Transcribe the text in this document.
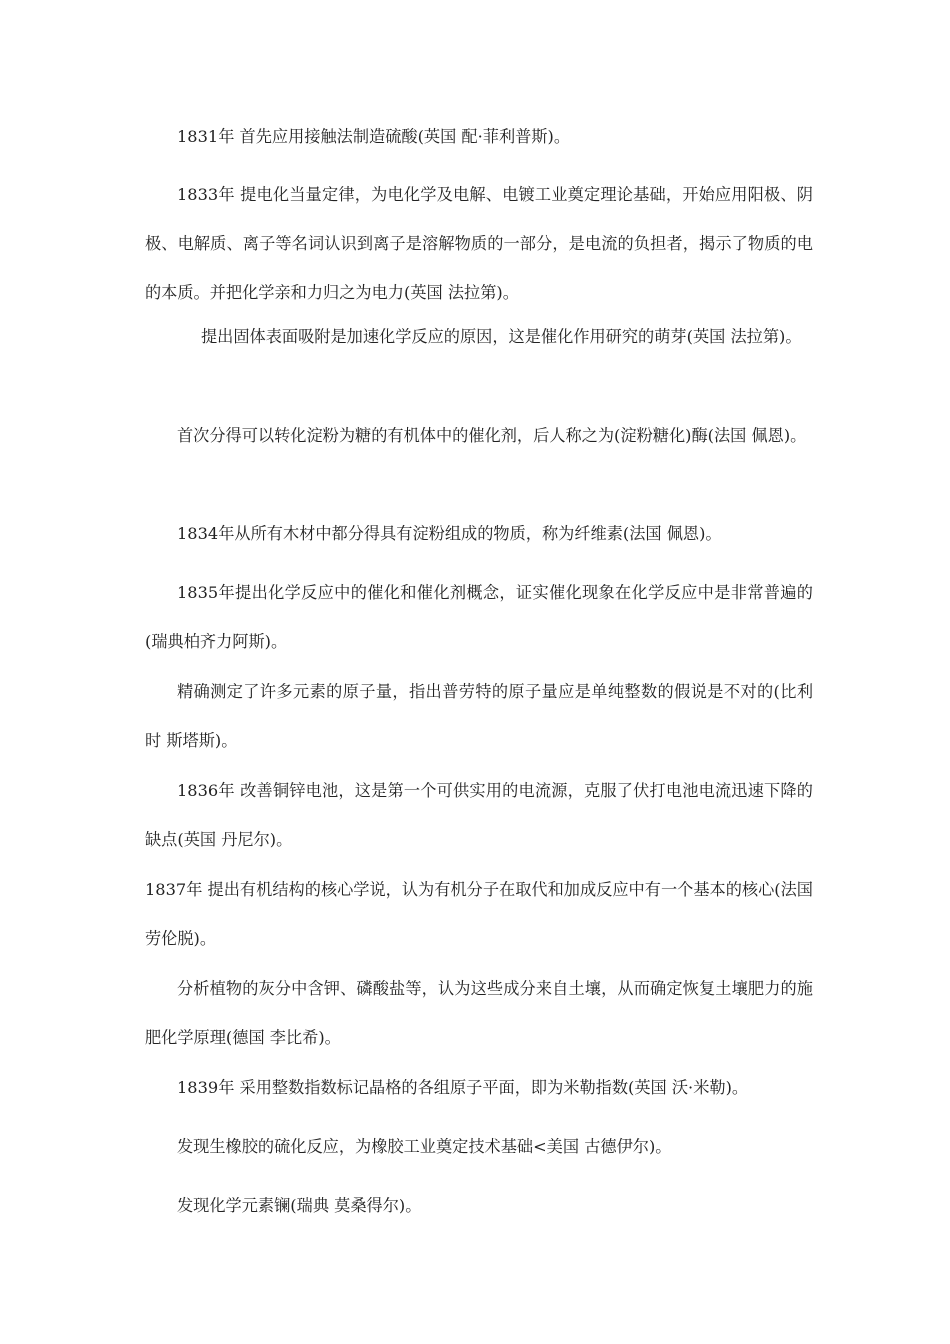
1831年 首先应用接触法制造硫酸(英国 配·菲利普斯)。

1833年 提电化当量定律，为电化学及电解、电镀工业奠定理论基础，开始应用阳极、阴极、电解质、离子等名词认识到离子是溶解物质的一部分，是电流的负担者，揭示了物质的电的本质。并把化学亲和力归之为电力(英国 法拉第)。

提出固体表面吸附是加速化学反应的原因，这是催化作用研究的萌芽(英国 法拉第)。

首次分得可以转化淀粉为糖的有机体中的催化剂，后人称之为(淀粉糖化)酶(法国 佩恩)。

1834年从所有木材中都分得具有淀粉组成的物质，称为纤维素(法国 佩恩)。

1835年提出化学反应中的催化和催化剂概念，证实催化现象在化学反应中是非常普遍的(瑞典柏齐力阿斯)。

精确测定了许多元素的原子量，指出普劳特的原子量应是单纯整数的假说是不对的(比利时 斯塔斯)。

1836年 改善铜锌电池，这是第一个可供实用的电流源，克服了伏打电池电流迅速下降的缺点(英国 丹尼尔)。

1837年 提出有机结构的核心学说，认为有机分子在取代和加成反应中有一个基本的核心(法国劳伦脱)。

分析植物的灰分中含钾、磷酸盐等，认为这些成分来自土壤，从而确定恢复土壤肥力的施肥化学原理(德国 李比希)。

1839年 采用整数指数标记晶格的各组原子平面，即为米勒指数(英国 沃·米勒)。

发现生橡胶的硫化反应，为橡胶工业奠定技术基础<美国 古德伊尔)。

发现化学元素镧(瑞典 莫桑得尔)。
